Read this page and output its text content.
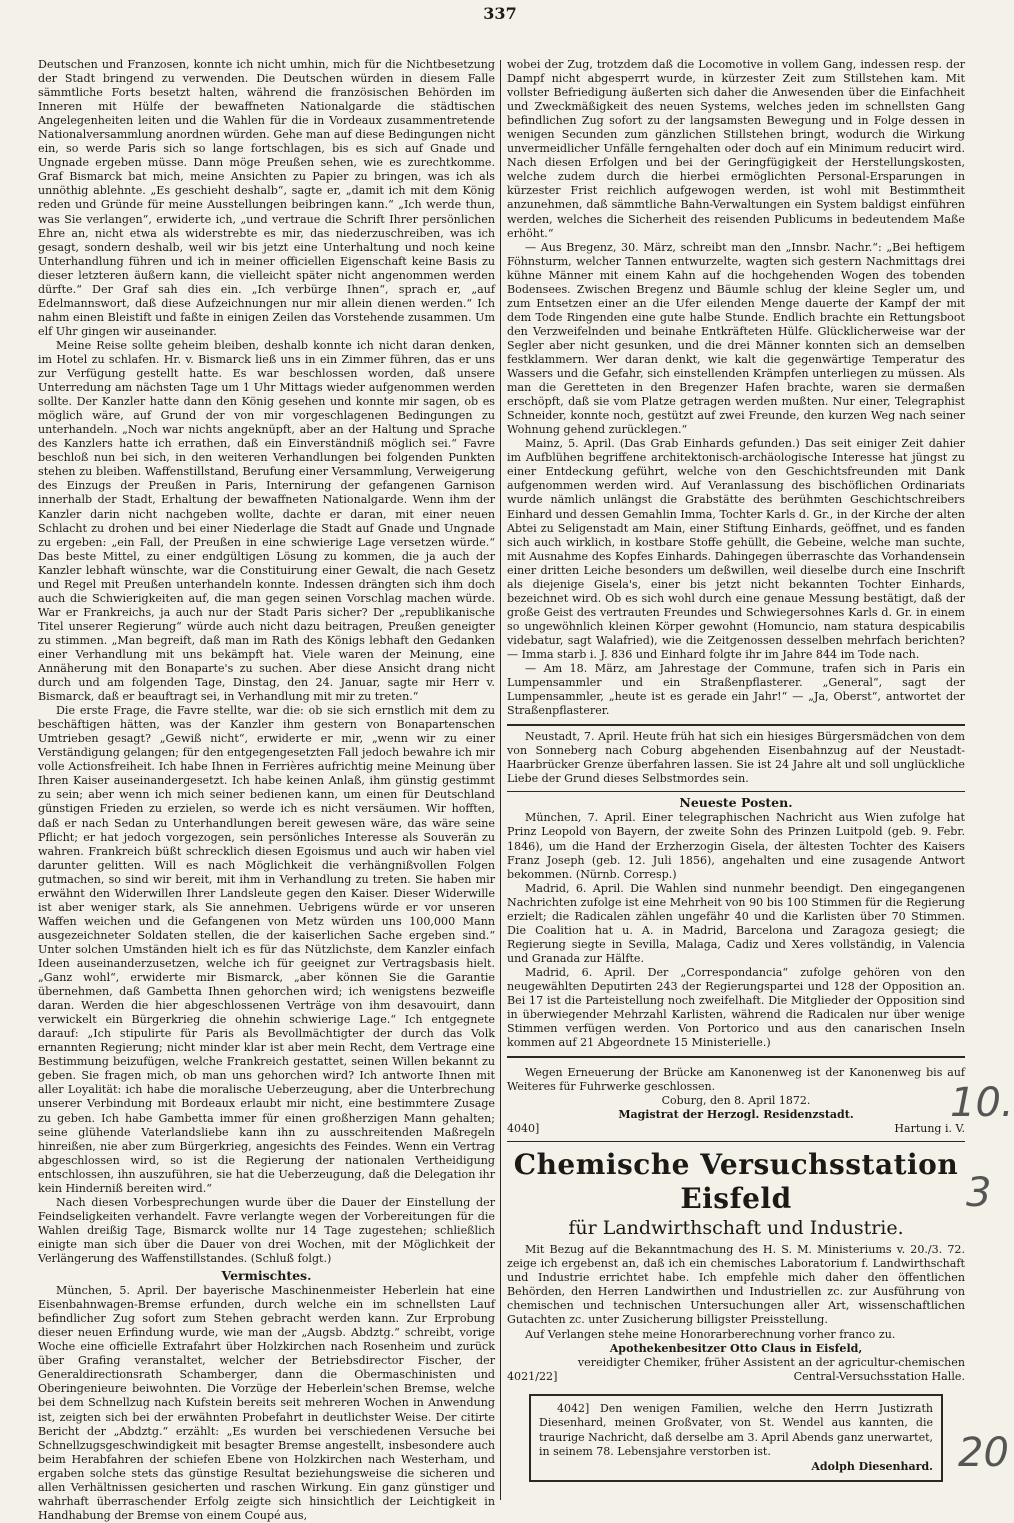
337

Deutschen und Franzosen, konnte ich nicht umhin, mich für die Nichtbesetzung der Stadt bringend zu verwenden. Die Deutschen würden in diesem Falle sämmtliche Forts besetzt halten, während die französischen Behörden im Inneren mit Hülfe der bewaffneten Nationalgarde die städtischen Angelegenheiten leiten und die Wahlen für die in Vordeaux zusammentretende Nationalversammlung anordnen würden. Gehe man auf diese Bedingungen nicht ein, so werde Paris sich so lange fortschlagen, bis es sich auf Gnade und Ungnade ergeben müsse. Dann möge Preußen sehen, wie es zurechtkomme. Graf Bismarck bat mich, meine Ansichten zu Papier zu bringen, was ich als unnöthig ablehnte. „Es geschieht deshalb“, sagte er, „damit ich mit dem König reden und Gründe für meine Ausstellungen beibringen kann.“ „Ich werde thun, was Sie verlangen“, erwiderte ich, „und vertraue die Schrift Ihrer persönlichen Ehre an, nicht etwa als widerstrebte es mir, das niederzuschreiben, was ich gesagt, sondern deshalb, weil wir bis jetzt eine Unterhaltung und noch keine Unterhandlung führen und ich in meiner officiellen Eigenschaft keine Basis zu dieser letzteren äußern kann, die vielleicht später nicht angenommen werden dürfte.“ Der Graf sah dies ein. „Ich verbürge Ihnen“, sprach er, „auf Edelmannswort, daß diese Aufzeichnungen nur mir allein dienen werden.“ Ich nahm einen Bleistift und faßte in einigen Zeilen das Vorstehende zusammen. Um elf Uhr gingen wir auseinander.

Meine Reise sollte geheim bleiben, deshalb konnte ich nicht daran denken, im Hotel zu schlafen. Hr. v. Bismarck ließ uns in ein Zimmer führen, das er uns zur Verfügung gestellt hatte. Es war beschlossen worden, daß unsere Unterredung am nächsten Tage um 1 Uhr Mittags wieder aufgenommen werden sollte. Der Kanzler hatte dann den König gesehen und konnte mir sagen, ob es möglich wäre, auf Grund der von mir vorgeschlagenen Bedingungen zu unterhandeln. „Noch war nichts angeknüpft, aber an der Haltung und Sprache des Kanzlers hatte ich errathen, daß ein Einverständniß möglich sei.“ Favre beschloß nun bei sich, in den weiteren Verhandlungen bei folgenden Punkten stehen zu bleiben. Waffenstillstand, Berufung einer Versammlung, Verweigerung des Einzugs der Preußen in Paris, Internirung der gefangenen Garnison innerhalb der Stadt, Erhaltung der bewaffneten Nationalgarde. Wenn ihm der Kanzler darin nicht nachgeben wollte, dachte er daran, mit einer neuen Schlacht zu drohen und bei einer Niederlage die Stadt auf Gnade und Ungnade zu ergeben: „ein Fall, der Preußen in eine schwierige Lage versetzen würde.“ Das beste Mittel, zu einer endgültigen Lösung zu kommen, die ja auch der Kanzler lebhaft wünschte, war die Constituirung einer Gewalt, die nach Gesetz und Regel mit Preußen unterhandeln konnte. Indessen drängten sich ihm doch auch die Schwierigkeiten auf, die man gegen seinen Vorschlag machen würde. War er Frankreichs, ja auch nur der Stadt Paris sicher? Der „republikanische Titel unserer Regierung“ würde auch nicht dazu beitragen, Preußen geneigter zu stimmen. „Man begreift, daß man im Rath des Königs lebhaft den Gedanken einer Verhandlung mit uns bekämpft hat. Viele waren der Meinung, eine Annäherung mit den Bonaparte's zu suchen. Aber diese Ansicht drang nicht durch und am folgenden Tage, Dinstag, den 24. Januar, sagte mir Herr v. Bismarck, daß er beauftragt sei, in Verhandlung mit mir zu treten.“

Die erste Frage, die Favre stellte, war die: ob sie sich ernstlich mit dem zu beschäftigen hätten, was der Kanzler ihm gestern von Bonapartenschen Umtrieben gesagt? „Gewiß nicht“, erwiderte er mir, „wenn wir zu einer Verständigung gelangen; für den entgegengesetzten Fall jedoch bewahre ich mir volle Actionsfreiheit. Ich habe Ihnen in Ferrières aufrichtig meine Meinung über Ihren Kaiser auseinandergesetzt. Ich habe keinen Anlaß, ihm günstig gestimmt zu sein; aber wenn ich mich seiner bedienen kann, um einen für Deutschland günstigen Frieden zu erzielen, so werde ich es nicht versäumen. Wir hofften, daß er nach Sedan zu Unterhandlungen bereit gewesen wäre, das wäre seine Pflicht; er hat jedoch vorgezogen, sein persönliches Interesse als Souverän zu wahren. Frankreich büßt schrecklich diesen Egoismus und auch wir haben viel darunter gelitten. Will es nach Möglichkeit die verhängnißvollen Folgen gutmachen, so sind wir bereit, mit ihm in Verhandlung zu treten. Sie haben mir erwähnt den Widerwillen Ihrer Landsleute gegen den Kaiser. Dieser Widerwille ist aber weniger stark, als Sie annehmen. Uebrigens würde er vor unseren Waffen weichen und die Gefangenen von Metz würden uns 100,000 Mann ausgezeichneter Soldaten stellen, die der kaiserlichen Sache ergeben sind.“ Unter solchen Umständen hielt ich es für das Nützlichste, dem Kanzler einfach Ideen auseinanderzusetzen, welche ich für geeignet zur Vertragsbasis hielt. „Ganz wohl“, erwiderte mir Bismarck, „aber können Sie die Garantie übernehmen, daß Gambetta Ihnen gehorchen wird; ich wenigstens bezweifle daran. Werden die hier abgeschlossenen Verträge von ihm desavouirt, dann verwickelt ein Bürgerkrieg die ohnehin schwierige Lage.“ Ich entgegnete darauf: „Ich stipulirte für Paris als Bevollmächtigter der durch das Volk ernannten Regierung; nicht minder klar ist aber mein Recht, dem Vertrage eine Bestimmung beizufügen, welche Frankreich gestattet, seinen Willen bekannt zu geben. Sie fragen mich, ob man uns gehorchen wird? Ich antworte Ihnen mit aller Loyalität: ich habe die moralische Ueberzeugung, aber die Unterbrechung unserer Verbindung mit Bordeaux erlaubt mir nicht, eine bestimmtere Zusage zu geben. Ich habe Gambetta immer für einen großherzigen Mann gehalten; seine glühende Vaterlandsliebe kann ihn zu ausschreitenden Maßregeln hinreißen, nie aber zum Bürgerkrieg, angesichts des Feindes. Wenn ein Vertrag abgeschlossen wird, so ist die Regierung der nationalen Vertheidigung entschlossen, ihn auszuführen, sie hat die Ueberzeugung, daß die Delegation ihr kein Hinderniß bereiten wird.“

Nach diesen Vorbesprechungen wurde über die Dauer der Einstellung der Feindseligkeiten verhandelt. Favre verlangte wegen der Vorbereitungen für die Wahlen dreißig Tage, Bismarck wollte nur 14 Tage zugestehen; schließlich einigte man sich über die Dauer von drei Wochen, mit der Möglichkeit der Verlängerung des Waffenstillstandes. (Schluß folgt.)

Vermischtes.

München, 5. April. Der bayerische Maschinenmeister Heberlein hat eine Eisenbahnwagen-Bremse erfunden, durch welche ein im schnellsten Lauf befindlicher Zug sofort zum Stehen gebracht werden kann. Zur Erprobung dieser neuen Erfindung wurde, wie man der „Augsb. Abdztg.“ schreibt, vorige Woche eine officielle Extrafahrt über Holzkirchen nach Rosenheim und zurück über Grafing veranstaltet, welcher der Betriebsdirector Fischer, der Generaldirectionsrath Schamberger, dann die Obermaschinisten und Oberingenieure beiwohnten. Die Vorzüge der Heberlein'schen Bremse, welche bei dem Schnellzug nach Kufstein bereits seit mehreren Wochen in Anwendung ist, zeigten sich bei der erwähnten Probefahrt in deutlichster Weise. Der citirte Bericht der „Abdztg.“ erzählt: „Es wurden bei verschiedenen Versuche bei Schnellzugsgeschwindigkeit mit besagter Bremse angestellt, insbesondere auch beim Herabfahren der schiefen Ebene von Holzkirchen nach Westerham, und ergaben solche stets das günstige Resultat beziehungsweise die sicheren und allen Verhältnissen gesicherten und raschen Wirkung. Ein ganz günstiger und wahrhaft überraschender Erfolg zeigte sich hinsichtlich der Leichtigkeit in Handhabung der Bremse von einem Coupé aus,

wobei der Zug, trotzdem daß die Locomotive in vollem Gang, indessen resp. der Dampf nicht abgesperrt wurde, in kürzester Zeit zum Stillstehen kam. Mit vollster Befriedigung äußerten sich daher die Anwesenden über die Einfachheit und Zweckmäßigkeit des neuen Systems, welches jeden im schnellsten Gang befindlichen Zug sofort zu der langsamsten Bewegung und in Folge dessen in wenigen Secunden zum gänzlichen Stillstehen bringt, wodurch die Wirkung unvermeidlicher Unfälle ferngehalten oder doch auf ein Minimum reducirt wird. Nach diesen Erfolgen und bei der Geringfügigkeit der Herstellungskosten, welche zudem durch die hierbei ermöglichten Personal-Ersparungen in kürzester Frist reichlich aufgewogen werden, ist wohl mit Bestimmtheit anzunehmen, daß sämmtliche Bahn-Verwaltungen ein System baldigst einführen werden, welches die Sicherheit des reisenden Publicums in bedeutendem Maße erhöht.“

— Aus Bregenz, 30. März, schreibt man den „Innsbr. Nachr.“: „Bei heftigem Föhnsturm, welcher Tannen entwurzelte, wagten sich gestern Nachmittags drei kühne Männer mit einem Kahn auf die hochgehenden Wogen des tobenden Bodensees. Zwischen Bregenz und Bäumle schlug der kleine Segler um, und zum Entsetzen einer an die Ufer eilenden Menge dauerte der Kampf der mit dem Tode Ringenden eine gute halbe Stunde. Endlich brachte ein Rettungsboot den Verzweifelnden und beinahe Entkräfteten Hülfe. Glücklicherweise war der Segler aber nicht gesunken, und die drei Männer konnten sich an demselben festklammern. Wer daran denkt, wie kalt die gegenwärtige Temperatur des Wassers und die Gefahr, sich einstellenden Krämpfen unterliegen zu müssen. Als man die Geretteten in den Bregenzer Hafen brachte, waren sie dermaßen erschöpft, daß sie vom Platze getragen werden mußten. Nur einer, Telegraphist Schneider, konnte noch, gestützt auf zwei Freunde, den kurzen Weg nach seiner Wohnung gehend zurücklegen.“

Mainz, 5. April. (Das Grab Einhards gefunden.) Das seit einiger Zeit dahier im Aufblühen begriffene architektonisch-archäologische Interesse hat jüngst zu einer Entdeckung geführt, welche von den Geschichtsfreunden mit Dank aufgenommen werden wird. Auf Veranlassung des bischöflichen Ordinariats wurde nämlich unlängst die Grabstätte des berühmten Geschichtschreibers Einhard und dessen Gemahlin Imma, Tochter Karls d. Gr., in der Kirche der alten Abtei zu Seligenstadt am Main, einer Stiftung Einhards, geöffnet, und es fanden sich auch wirklich, in kostbare Stoffe gehüllt, die Gebeine, welche man suchte, mit Ausnahme des Kopfes Einhards. Dahingegen überraschte das Vorhandensein einer dritten Leiche besonders um deßwillen, weil dieselbe durch eine Inschrift als diejenige Gisela's, einer bis jetzt nicht bekannten Tochter Einhards, bezeichnet wird. Ob es sich wohl durch eine genaue Messung bestätigt, daß der große Geist des vertrauten Freundes und Schwiegersohnes Karls d. Gr. in einem so ungewöhnlich kleinen Körper gewohnt (Homuncio, nam statura despicabilis videbatur, sagt Walafried), wie die Zeitgenossen desselben mehrfach berichten? — Imma starb i. J. 836 und Einhard folgte ihr im Jahre 844 im Tode nach.

— Am 18. März, am Jahrestage der Commune, trafen sich in Paris ein Lumpensammler und ein Straßenpflasterer. „General“, sagt der Lumpensammler, „heute ist es gerade ein Jahr!“ — „Ja, Oberst“, antwortet der Straßenpflasterer.

Neustadt, 7. April. Heute früh hat sich ein hiesiges Bürgersmädchen von dem von Sonneberg nach Coburg abgehenden Eisenbahnzug auf der Neustadt-Haarbrücker Grenze überfahren lassen. Sie ist 24 Jahre alt und soll unglückliche Liebe der Grund dieses Selbstmordes sein.

Neueste Posten.

München, 7. April. Einer telegraphischen Nachricht aus Wien zufolge hat Prinz Leopold von Bayern, der zweite Sohn des Prinzen Luitpold (geb. 9. Febr. 1846), um die Hand der Erzherzogin Gisela, der ältesten Tochter des Kaisers Franz Joseph (geb. 12. Juli 1856), angehalten und eine zusagende Antwort bekommen. (Nürnb. Corresp.)

Madrid, 6. April. Die Wahlen sind nunmehr beendigt. Den eingegangenen Nachrichten zufolge ist eine Mehrheit von 90 bis 100 Stimmen für die Regierung erzielt; die Radicalen zählen ungefähr 40 und die Karlisten über 70 Stimmen. Die Coalition hat u. A. in Madrid, Barcelona und Zaragoza gesiegt; die Regierung siegte in Sevilla, Malaga, Cadiz und Xeres vollständig, in Valencia und Granada zur Hälfte.

Madrid, 6. April. Der „Correspondancia“ zufolge gehören von den neugewählten Deputirten 243 der Regierungspartei und 128 der Opposition an. Bei 17 ist die Parteistellung noch zweifelhaft. Die Mitglieder der Opposition sind in überwiegender Mehrzahl Karlisten, während die Radicalen nur über wenige Stimmen verfügen werden. Von Portorico und aus den canarischen Inseln kommen auf 21 Abgeordnete 15 Ministerielle.)

Wegen Erneuerung der Brücke am Kanonenweg ist der Kanonenweg bis auf Weiteres für Fuhrwerke geschlossen.

Coburg, den 8. April 1872.
Magistrat der Herzogl. Residenzstadt.
4040]	Hartung i. V.
Chemische Versuchsstation Eisfeld
für Landwirthschaft und Industrie.

Mit Bezug auf die Bekanntmachung des H. S. M. Ministeriums v. 20./3. 72. zeige ich ergebenst an, daß ich ein chemisches Laboratorium f. Landwirthschaft und Industrie errichtet habe. Ich empfehle mich daher den öffentlichen Behörden, den Herren Landwirthen und Industriellen zc. zur Ausführung von chemischen und technischen Untersuchungen aller Art, wissenschaftlichen Gutachten zc. unter Zusicherung billigster Preisstellung.

Auf Verlangen stehe meine Honorarberechnung vorher franco zu.

Apothekenbesitzer Otto Claus in Eisfeld,
vereidigter Chemiker, früher Assistent an der agricultur-chemischen
4021/22]	Central-Versuchsstation Halle.

4042] Den wenigen Familien, welche den Herrn Justizrath Diesenhard, meinen Großvater, von St. Wendel aus kannten, die traurige Nachricht, daß derselbe am 3. April Abends ganz unerwartet, in seinem 78. Lebensjahre verstorben ist.

Adolph Diesenhard.
10.
3
20
